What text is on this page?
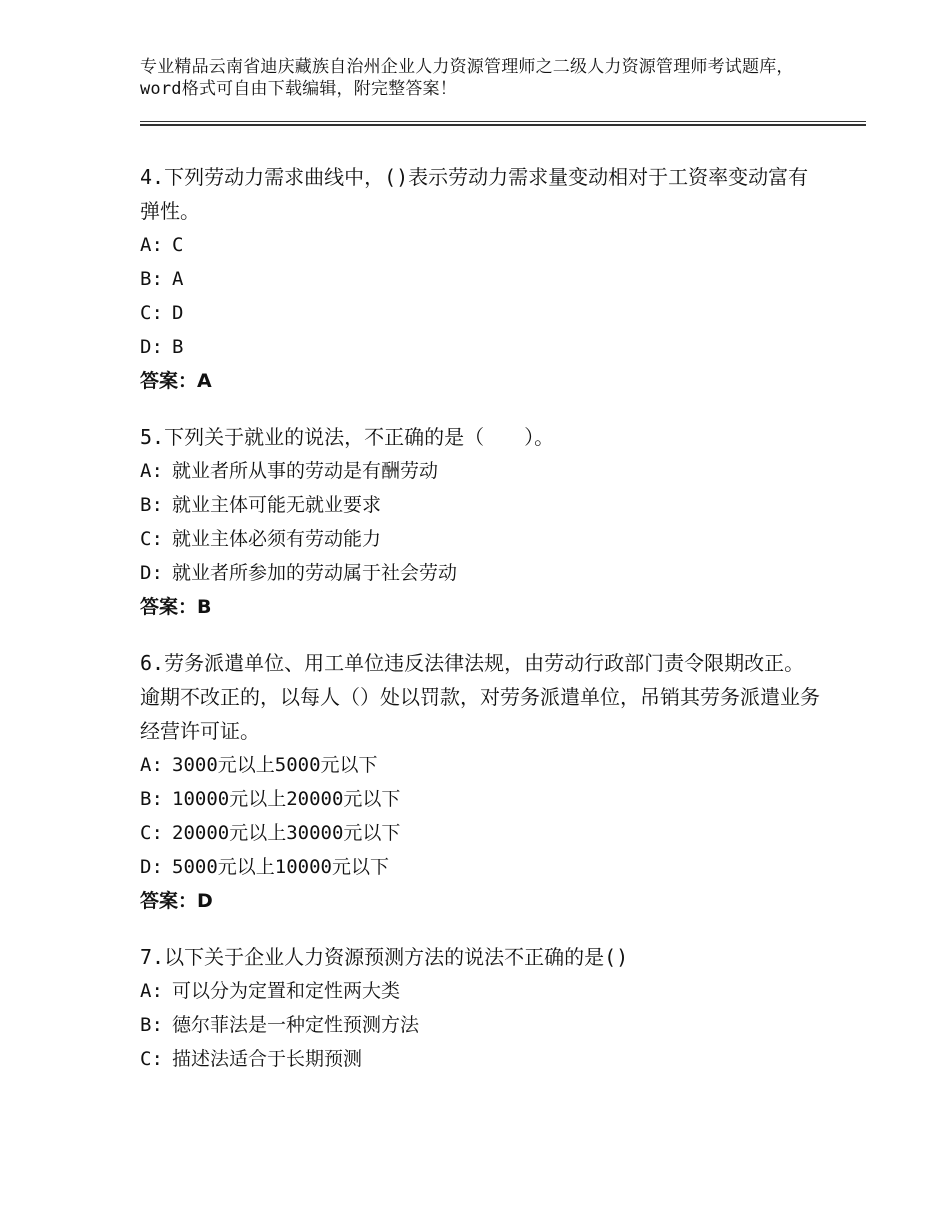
专业精品云南省迪庆藏族自治州企业人力资源管理师之二级人力资源管理师考试题库，word格式可自由下载编辑，附完整答案！

4.下列劳动力需求曲线中，()表示劳动力需求量变动相对于工资率变动富有弹性。

A: C

B: A

C: D

D: B

答案：A

5.下列关于就业的说法，不正确的是（　　）。

A: 就业者所从事的劳动是有酬劳动

B: 就业主体可能无就业要求

C: 就业主体必须有劳动能力

D: 就业者所参加的劳动属于社会劳动

答案：B

6.劳务派遣单位、用工单位违反法律法规，由劳动行政部门责令限期改正。逾期不改正的，以每人（）处以罚款，对劳务派遣单位，吊销其劳务派遣业务经营许可证。

A: 3000元以上5000元以下

B: 10000元以上20000元以下

C: 20000元以上30000元以下

D: 5000元以上10000元以下

答案：D

7.以下关于企业人力资源预测方法的说法不正确的是()

A: 可以分为定置和定性两大类

B: 德尔菲法是一种定性预测方法

C: 描述法适合于长期预测
